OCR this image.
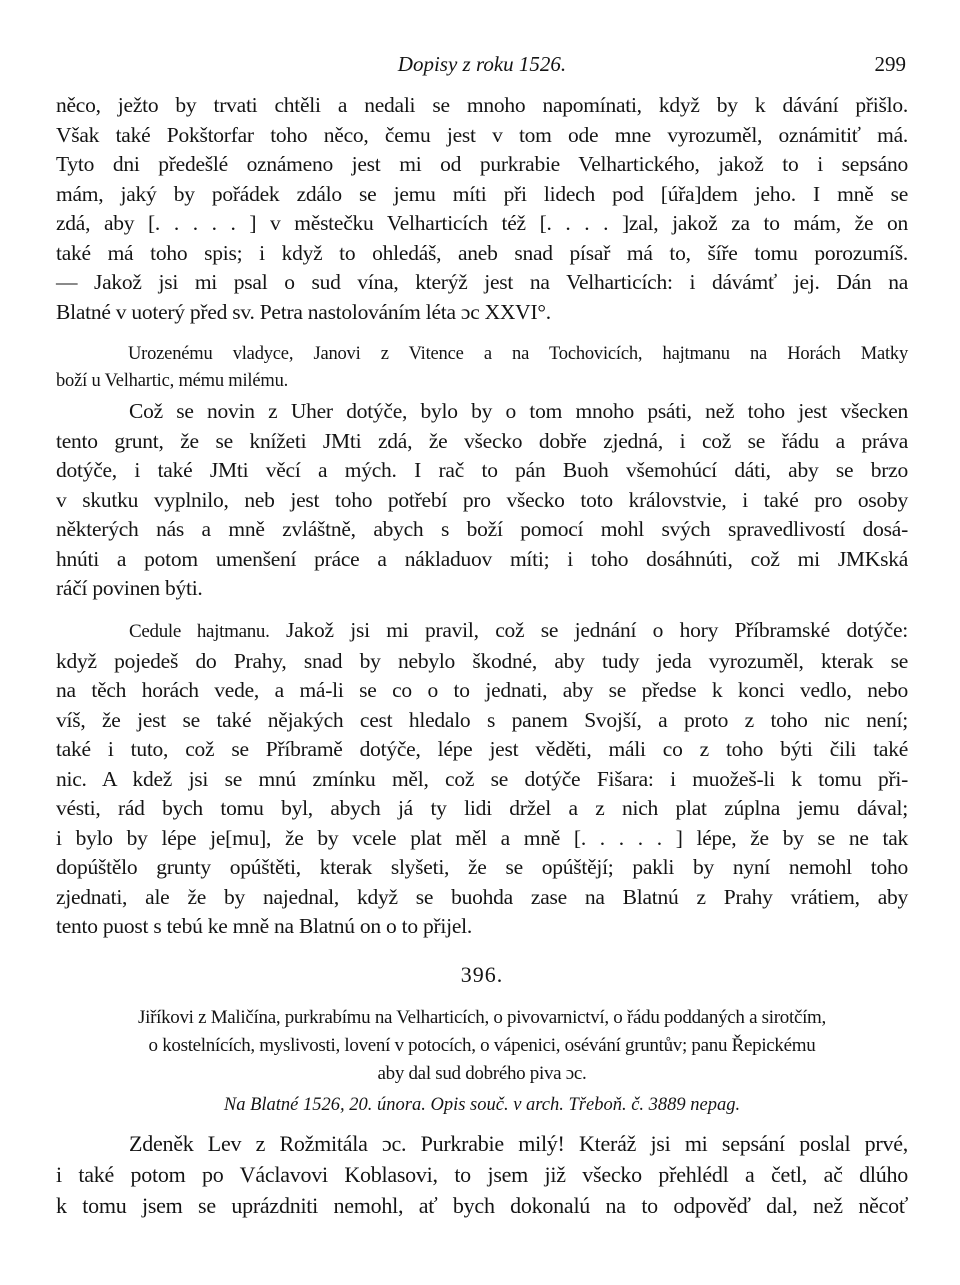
Dopisy z roku 1526.	299
něco, ježto by trvati chtěli a nedali se mnoho napomínati, když by k dávání přišlo.
Však také Pokštorfar toho něco, čemu jest v tom ode mne vyrozuměl, oznámitiť má.
Tyto dni předešlé oznámeno jest mi od purkrabie Velhartického, jakož to i sepsáno
mám, jaký by pořádek zdálo se jemu míti při lidech pod [úřa]dem jeho. I mně se
zdá, aby [. . . . . ] v městečku Velharticích též [. . . . ]zal, jakož za to mám, že on
také má toho spis; i když to ohledáš, aneb snad písař má to, šíře tomu porozumíš.
— Jakož jsi mi psal o sud vína, kterýž jest na Velharticích: i dávámť jej. Dán na
Blatné v uoterý před sv. Petra nastolováním léta ɔc XXVI°.
Urozenému vladyce, Janovi z Vitence a na Tochovicích, hajtmanu na Horách Matky
boží u Velhartic, mému milému.
Což se novin z Uher dotýče, bylo by o tom mnoho psáti, než toho jest všecken
tento grunt, že se knížeti JMti zdá, že všecko dobře zjedná, i což se řádu a práva
dotýče, i také JMti věcí a mých. I rač to pán Buoh všemohúcí dáti, aby se brzo
v skutku vyplnilo, neb jest toho potřebí pro všecko toto královstvie, i také pro osoby
některých nás a mně zvláštně, abych s boží pomocí mohl svých spravedlivostí dosá-
hnúti a potom umenšení práce a nákladuov míti; i toho dosáhnúti, což mi JMKská
ráčí povinen býti.
Cedule hajtmanu. Jakož jsi mi pravil, což se jednání o hory Příbramské dotýče:
když pojedeš do Prahy, snad by nebylo škodné, aby tudy jeda vyrozuměl, kterak se
na těch horách vede, a má-li se co o to jednati, aby se předse k konci vedlo, nebo
víš, že jest se také nějakých cest hledalo s panem Svojší, a proto z toho nic není;
také i tuto, což se Příbramě dotýče, lépe jest věděti, máli co z toho býti čili také
nic. A kdež jsi se mnú zmínku měl, což se dotýče Fišara: i muožeš-li k tomu při-
vésti, rád bych tomu byl, abych já ty lidi držel a z nich plat zúplna jemu dával;
i bylo by lépe je[mu], že by vcele plat měl a mně [. . . . . ] lépe, že by se ne tak
dopúštělo grunty opúštěti, kterak slyšeti, že se opúštějí; pakli by nyní nemohl toho
zjednati, ale že by najednal, když se buohda zase na Blatnú z Prahy vrátiem, aby
tento puost s tebú ke mně na Blatnú on o to přijel.
396.
Jiříkovi z Maličína, purkrabímu na Velharticích, o pivovarnictví, o řádu poddaných a sirotčím,
o kostelnících, myslivosti, lovení v potocích, o vápenici, osévání gruntův; panu Řepickému
aby dal sud dobrého piva ɔc.
Na Blatné 1526, 20. února. Opis souč. v arch. Třeboň. č. 3889 nepag.
Zdeněk Lev z Rožmitála ɔc. Purkrabie milý! Kteráž jsi mi sepsání poslal prvé,
i také potom po Václavovi Koblasovi, to jsem již všecko přehlédl a četl, ač dlúho
k tomu jsem se uprázdniti nemohl, ať bych dokonalú na to odpověď dal, než něcoť
